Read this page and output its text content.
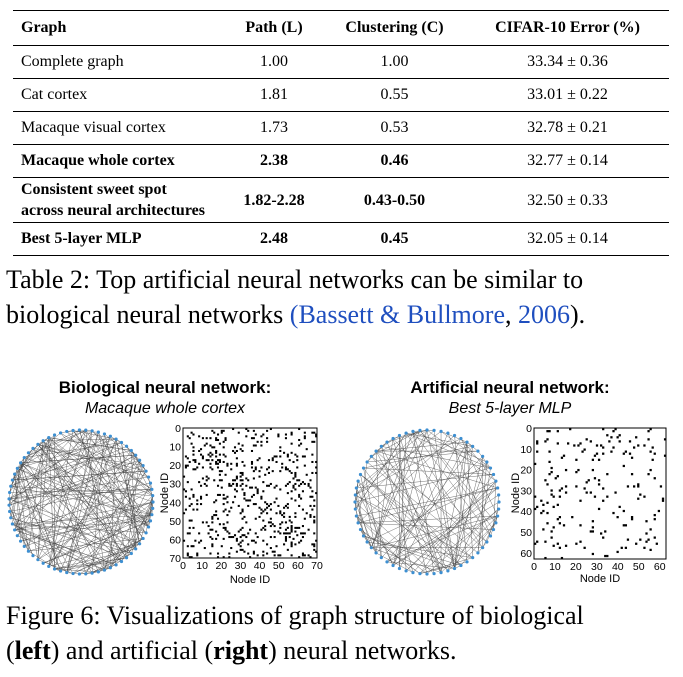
Graph	Path (L)	Clustering (C)	CIFAR-10 Error (%)
Complete graph	1.00	1.00	33.34 ± 0.36
Cat cortex	1.81	0.55	33.01 ± 0.22
Macaque visual cortex	1.73	0.53	32.78 ± 0.21
Macaque whole cortex	2.38	0.46	32.77 ± 0.14
Consistent sweet spot
across neural architectures	1.82-2.28	0.43-0.50	32.50 ± 0.33
Best 5-layer MLP	2.48	0.45	32.05 ± 0.14
Table 2: Top artificial neural networks can be similar to biological neural networks (Bassett & Bullmore, 2006).
Biological neural network:
Macaque whole cortex
Artificial neural network:
Best 5-layer MLP
0
10
20
30
40
50
60
70
0 10 20 30 40 50 60 70
Node ID
Node ID
0
10
20
30
40
50
60
0 10 20 30 40 50 60
Node ID
Node ID
Figure 6: Visualizations of graph structure of biological
(left) and artificial (right) neural networks.
